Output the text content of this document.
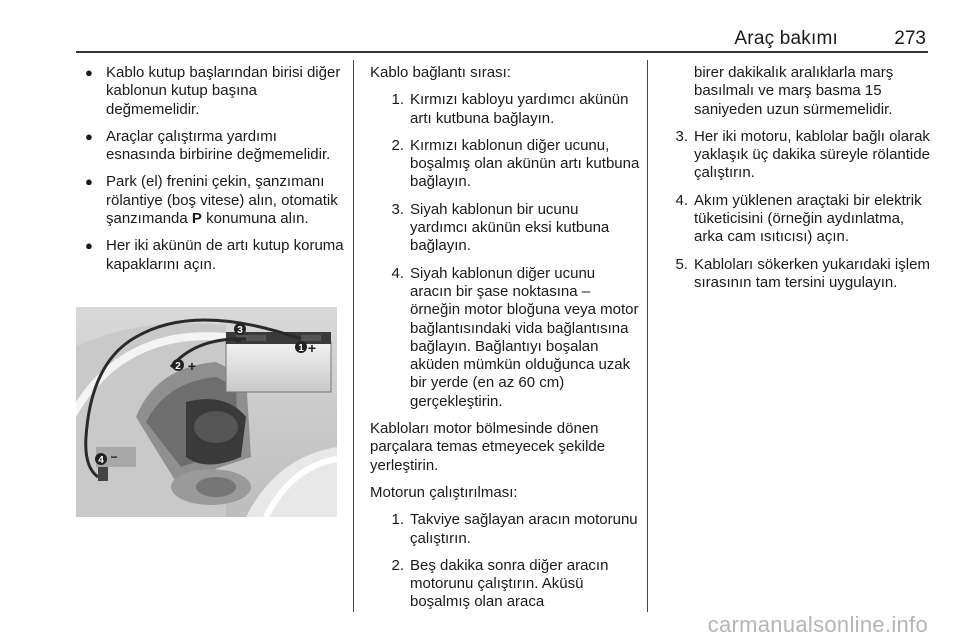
Araç bakımı	273
● Kablo kutup başlarından birisi diğer kablonun kutup başına değmemelidir.
● Araçlar çalıştırma yardımı esnasında birbirine değmemelidir.
● Park (el) frenini çekin, şanzımanı rölantiye (boş vitese) alın, otomatik şanzımanda P konumuna alın.
● Her iki akünün de artı kutup koruma kapaklarını açın.
3
−
1 +
2 +
4 −

Kablo bağlantı sırası:

1. Kırmızı kabloyu yardımcı akünün artı kutbuna bağlayın.
2. Kırmızı kablonun diğer ucunu, boşalmış olan akünün artı kutbuna bağlayın.
3. Siyah kablonun bir ucunu yardımcı akünün eksi kutbuna bağlayın.
4. Siyah kablonun diğer ucunu aracın bir şase noktasına – örneğin motor bloğuna veya motor bağlantısındaki vida bağlantısına bağlayın. Bağlantıyı boşalan aküden mümkün olduğunca uzak bir yerde (en az 60 cm) gerçekleştirin.

Kabloları motor bölmesinde dönen parçalara temas etmeyecek şekilde yerleştirin.

Motorun çalıştırılması:

1. Takviye sağlayan aracın motorunu çalıştırın.
2. Beş dakika sonra diğer aracın motorunu çalıştırın. Aküsü boşalmış olan araca
birer dakikalık aralıklarla marş basılmalı ve marş basma 15 saniyeden uzun sürmemelidir.
3. Her iki motoru, kablolar bağlı olarak yaklaşık üç dakika süreyle rölantide çalıştırın.
4. Akım yüklenen araçtaki bir elektrik tüketicisini (örneğin aydınlatma, arka cam ısıtıcısı) açın.
5. Kabloları sökerken yukarıdaki işlem sırasının tam tersini uygulayın.
carmanualsonline.info
